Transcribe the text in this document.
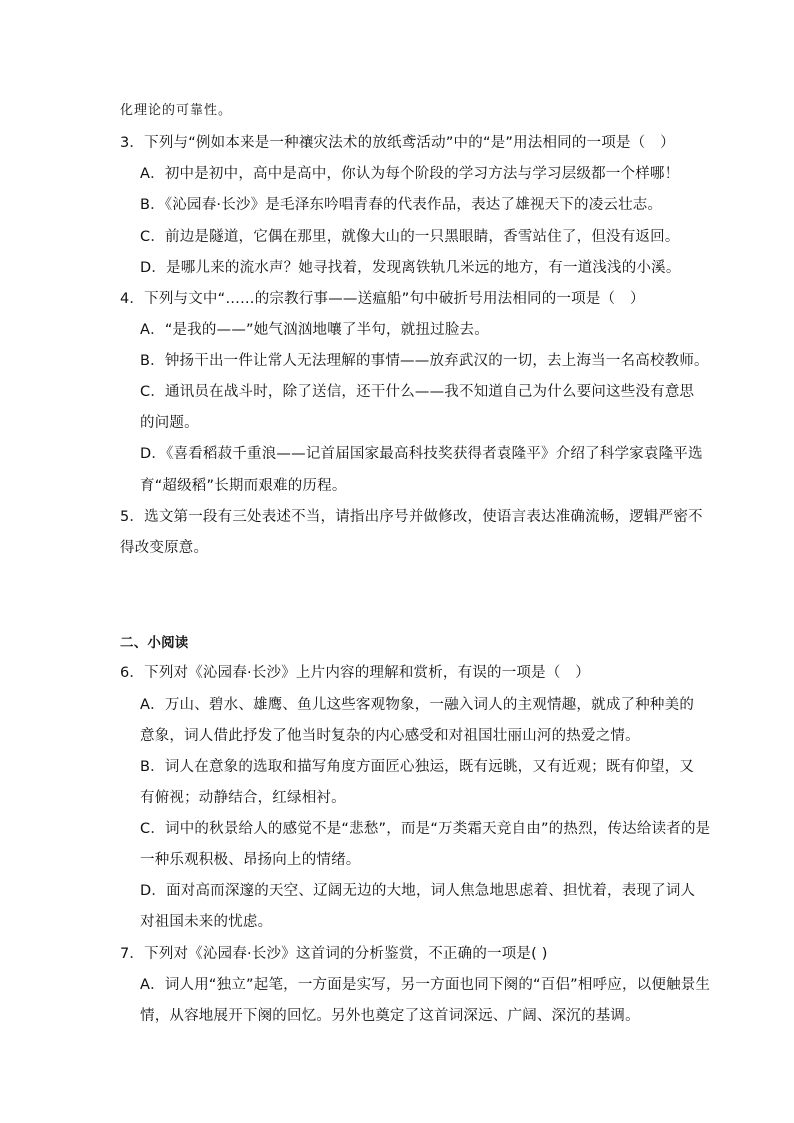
化理论的可靠性。
3．下列与“例如本来是一种禳灾法术的放纸鸢活动”中的“是”用法相同的一项是（　）
A．初中是初中，高中是高中，你认为每个阶段的学习方法与学习层级都一个样哪！
B．《沁园春·长沙》是毛泽东吟唱青春的代表作品，表达了雄视天下的凌云壮志。
C．前边是隧道，它偶在那里，就像大山的一只黑眼睛，香雪站住了，但没有返回。
D．是哪儿来的流水声？她寻找着，发现离铁轨几米远的地方，有一道浅浅的小溪。
4．下列与文中“……的宗教行事——送瘟船”句中破折号用法相同的一项是（　）
A．“是我的——”她气汹汹地嚷了半句，就扭过脸去。
B．钟扬干出一件让常人无法理解的事情——放弃武汉的一切，去上海当一名高校教师。
C．通讯员在战斗时，除了送信，还干什么——我不知道自己为什么要问这些没有意思
的问题。
D．《喜看稻菽千重浪——记首届国家最高科技奖获得者袁隆平》介绍了科学家袁隆平选
育“超级稻”长期而艰难的历程。
5．选文第一段有三处表述不当，请指出序号并做修改，使语言表达准确流畅，逻辑严密不
得改变原意。
二、小阅读
6．下列对《沁园春·长沙》上片内容的理解和赏析，有误的一项是（　）
A．万山、碧水、雄鹰、鱼儿这些客观物象，一融入词人的主观情趣，就成了种种美的
意象，词人借此抒发了他当时复杂的内心感受和对祖国壮丽山河的热爱之情。
B．词人在意象的选取和描写角度方面匠心独运，既有远眺，又有近观；既有仰望，又
有俯视；动静结合，红绿相衬。
C．词中的秋景给人的感觉不是“悲愁”，而是“万类霜天竞自由”的热烈，传达给读者的是
一种乐观积极、昂扬向上的情绪。
D．面对高而深邃的天空、辽阔无边的大地，词人焦急地思虑着、担忧着，表现了词人
对祖国未来的忧虑。
7．下列对《沁园春·长沙》这首词的分析鉴赏，不正确的一项是( )
A．词人用“独立”起笔，一方面是实写，另一方面也同下阕的“百侣”相呼应，以便触景生
情，从容地展开下阕的回忆。另外也奠定了这首词深远、广阔、深沉的基调。
